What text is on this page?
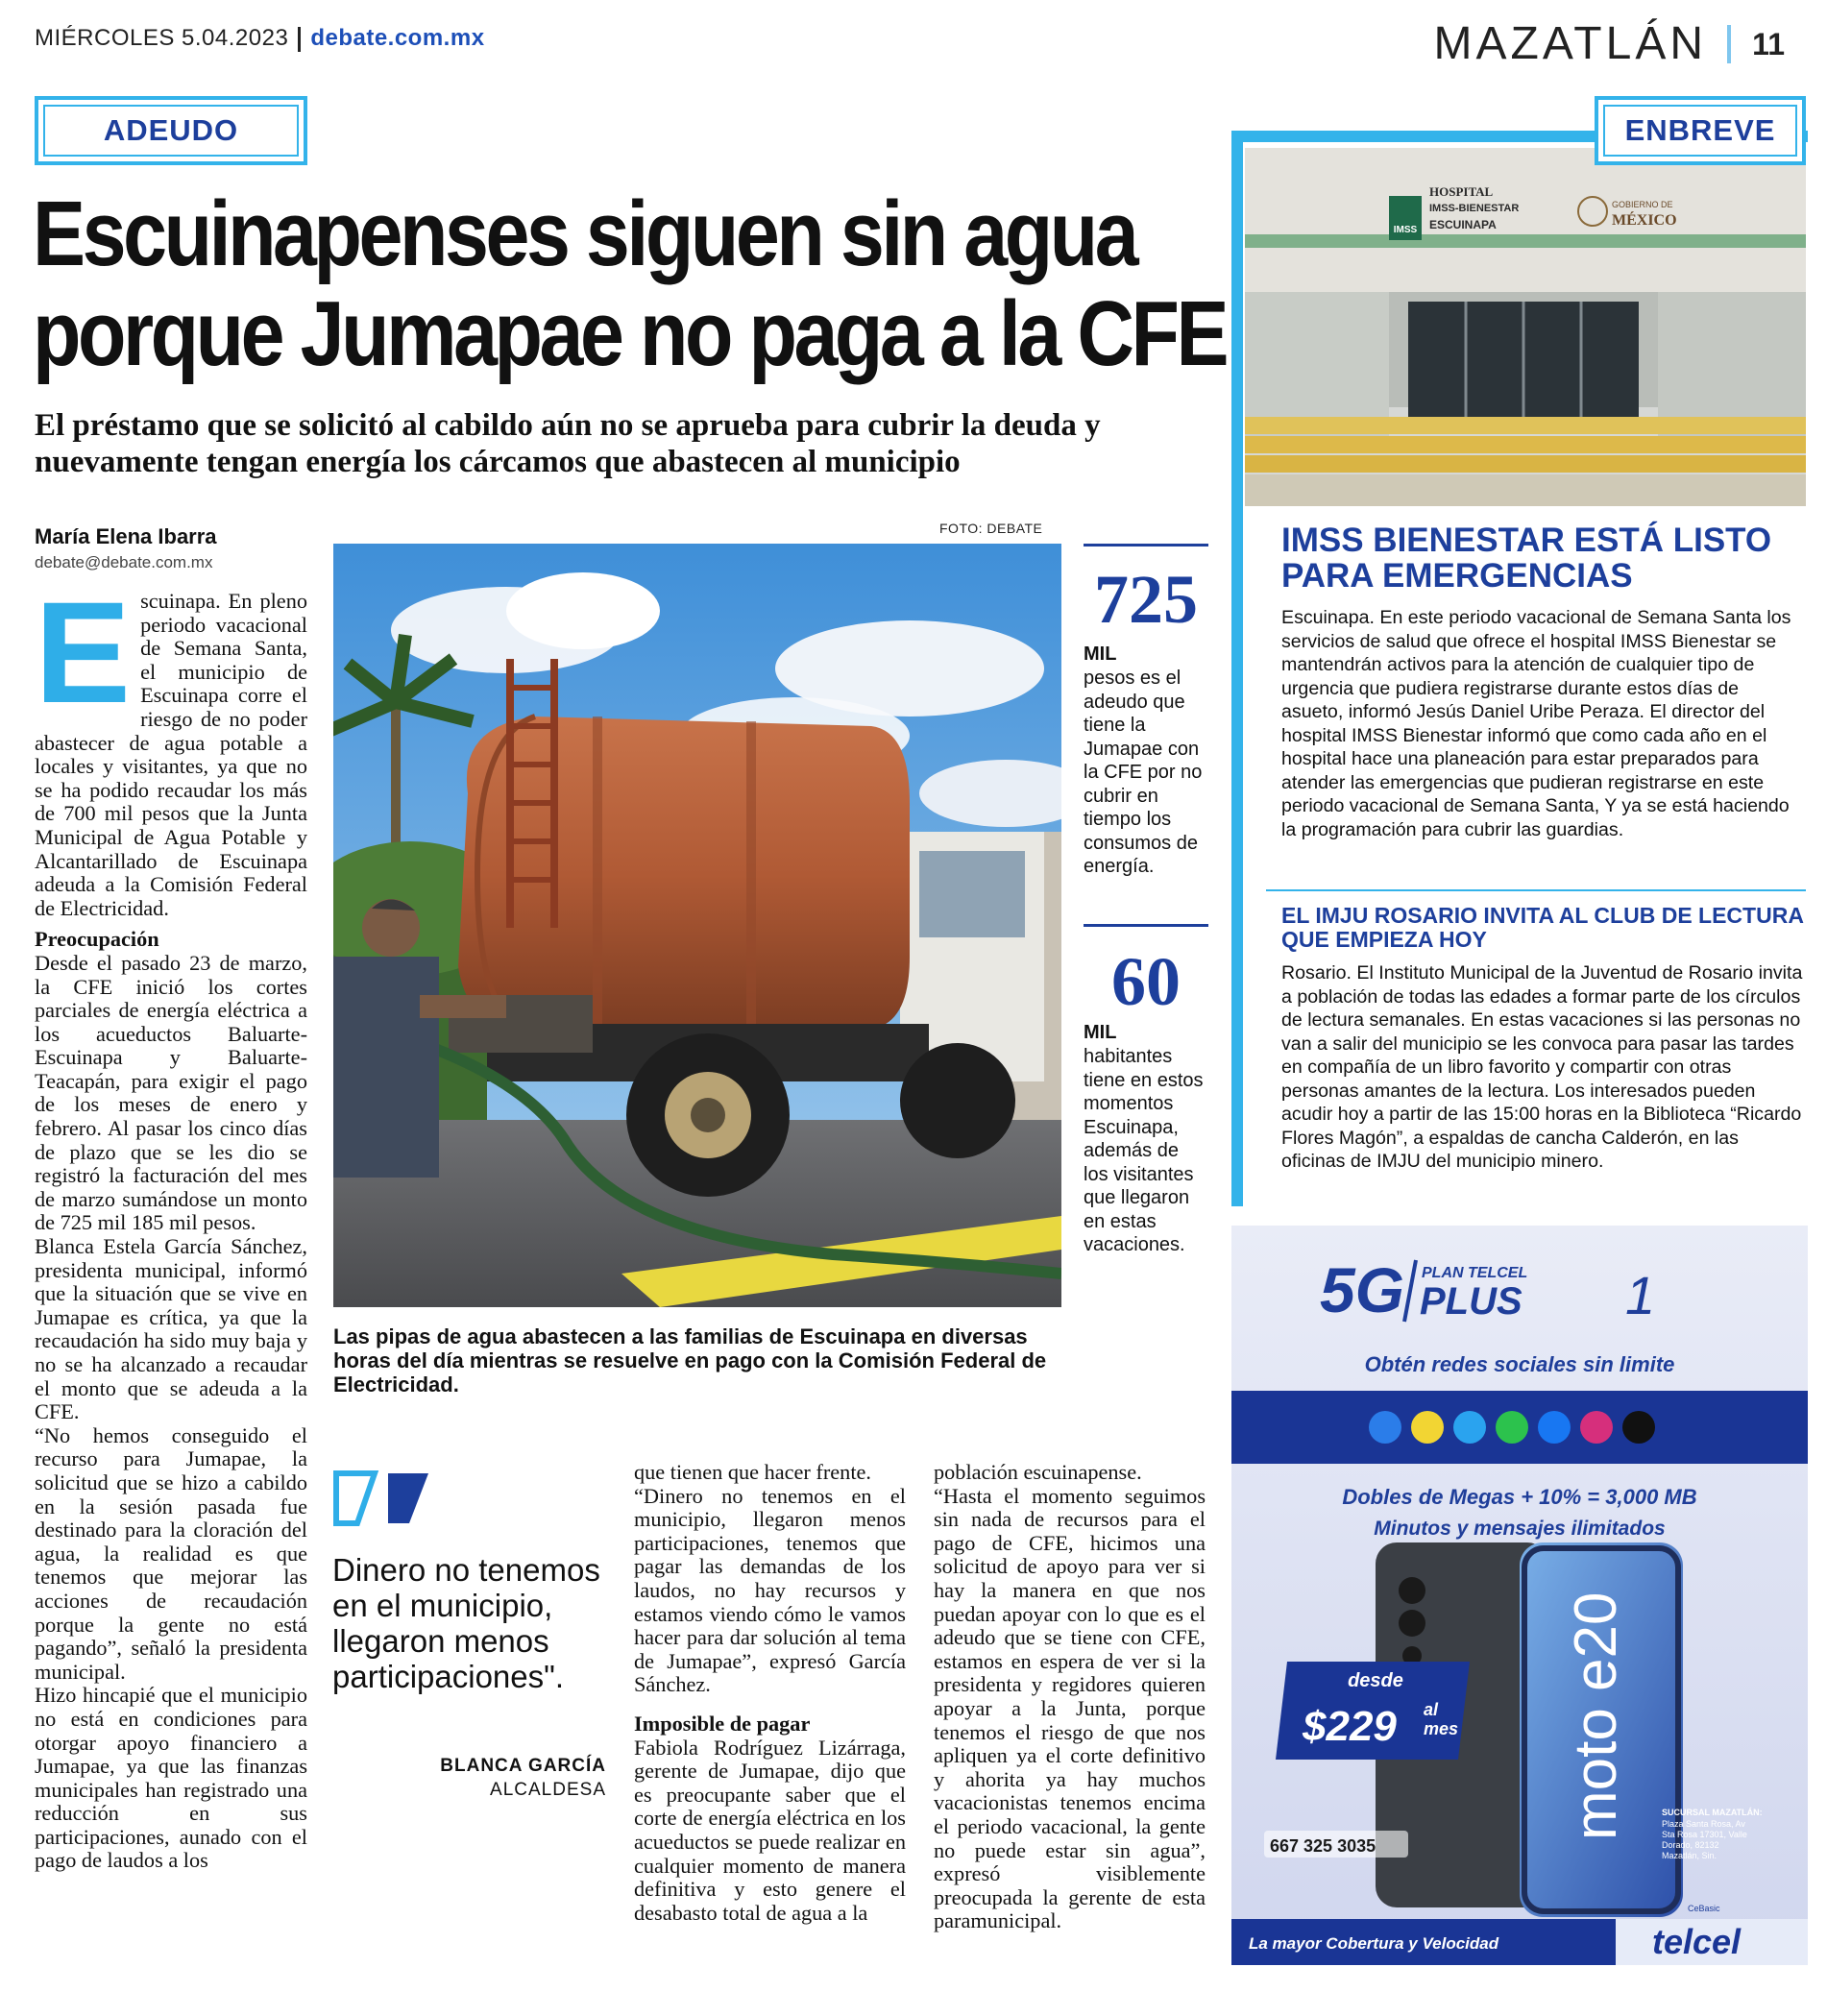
MIÉRCOLES 5.04.2023 debate.com.mx	MAZATLÁN 11
ADEUDO	ENBREVE
Escuinapenses siguen sin agua
porque Jumapae no paga a la CFE
El préstamo que se solicitó al cabildo aún no se aprueba para cubrir la deuda y nuevamente tengan energía los cárcamos que abastecen al municipio
María Elena Ibarra
debate@debate.com.mx
FOTO: DEBATE

Escuinapa. En pleno periodo vacacional de Semana Santa, el municipio de Escuinapa corre el riesgo de no poder abastecer de agua potable a locales y visitantes, ya que no se ha podido recaudar los más de 700 mil pesos que la Junta Municipal de Agua Potable y Alcantarillado de Escuinapa adeuda a la Comisión Federal de Electricidad.

Preocupación

Desde el pasado 23 de marzo, la CFE inició los cortes parciales de energía eléctrica a los acueductos Baluarte-Escuinapa y Baluarte-Teacapán, para exigir el pago de los meses de enero y febrero. Al pasar los cinco días de plazo que se les dio se registró la facturación del mes de marzo sumándose un monto de 725 mil 185 mil pesos.

Blanca Estela García Sánchez, presidenta municipal, informó que la situación que se vive en Jumapae es crítica, ya que la recaudación ha sido muy baja y no se ha alcanzado a recaudar el monto que se adeuda a la CFE.

“No hemos conseguido el recurso para Jumapae, la solicitud que se hizo a cabildo en la sesión pasada fue destinado para la cloración del agua, la realidad es que tenemos que mejorar las acciones de recaudación porque la gente no está pagando”, señaló la presidenta municipal.

Hizo hincapié que el municipio no está en condiciones para otorgar apoyo financiero a Jumapae, ya que las finanzas municipales han registrado una reducción en sus participaciones, aunado con el pago de laudos a los

Las pipas de agua abastecen a las familias de Escuinapa en diversas horas del día mientras se resuelve en pago con la Comisión Federal de Electricidad.
725
MIL
pesos es el adeudo que tiene la Jumapae con la CFE por no cubrir en tiempo los consumos de energía.
60
MIL
habitantes tiene en estos momentos Escuinapa, además de los visitantes que llegaron en estas vacaciones.
Dinero no tenemos en el municipio, llegaron menos participaciones".
BLANCA GARCÍA
ALCALDESA

que tienen que hacer frente.

“Dinero no tenemos en el municipio, llegaron menos participaciones, tenemos que pagar las demandas de los laudos, no hay recursos y estamos viendo cómo le vamos hacer para dar solución al tema de Jumapae”, expresó García Sánchez.

Imposible de pagar

Fabiola Rodríguez Lizárraga, gerente de Jumapae, dijo que es preocupante saber que el corte de energía eléctrica en los acueductos se puede realizar en cualquier momento de manera definitiva y esto genere el desabasto total de agua a la

población escuinapense.

“Hasta el momento seguimos sin nada de recursos para el pago de CFE, hicimos una solicitud de apoyo para ver si hay la manera en que nos puedan apoyar con lo que es el adeudo que se tiene con CFE, estamos en espera de ver si la presidenta y regidores quieren apoyar a la Junta, porque tenemos el riesgo de que nos apliquen ya el corte definitivo y ahorita ya hay muchos vacacionistas tenemos encima el periodo vacacional, la gente no puede estar sin agua”, expresó visiblemente preocupada la gerente de esta paramunicipal.

IMSS
HOSPITAL
IMSS-BIENESTAR
ESCUINAPA
GOBIERNO DE
MÉXICO
IMSS BIENESTAR ESTÁ LISTO PARA EMERGENCIAS
Escuinapa. En este periodo vacacional de Semana Santa los servicios de salud que ofrece el hospital IMSS Bienestar se mantendrán activos para la atención de cualquier tipo de urgencia que pudiera registrarse durante estos días de asueto, informó Jesús Daniel Uribe Peraza. El director del hospital IMSS Bienestar informó que como cada año en el hospital hace una planeación para estar preparados para atender las emergencias que pudieran registrarse en este periodo vacacional de Semana Santa, Y ya se está haciendo la programación para cubrir las guardias.
EL IMJU ROSARIO INVITA AL CLUB DE LECTURA QUE EMPIEZA HOY
Rosario. El Instituto Municipal de la Juventud de Rosario invita a población de todas las edades a formar parte de los círculos de lectura semanales. En estas vacaciones si las personas no van a salir del municipio se les convoca para pasar las tardes en compañía de un libro favorito y compartir con otras personas amantes de la lectura. Los interesados pueden acudir hoy a partir de las 15:00 horas en la Biblioteca “Ricardo Flores Magón”, a espaldas de cancha Calderón, en las oficinas de IMJU del municipio minero.
5G PLAN TELCEL
PLUS 1
Obtén redes sociales sin limite
Dobles de Megas + 10% = 3,000 MB
Minutos y mensajes ilimitados
moto e20
desde
$229 al
mes
667 325 3035
SUCURSAL MAZATLÁN:
Plaza Santa Rosa, Av Sta Rosa 17301, Valle Dorado, 82132 Mazatlán, Sin.
CeBasic
La mayor Cobertura y Velocidad	telcel
